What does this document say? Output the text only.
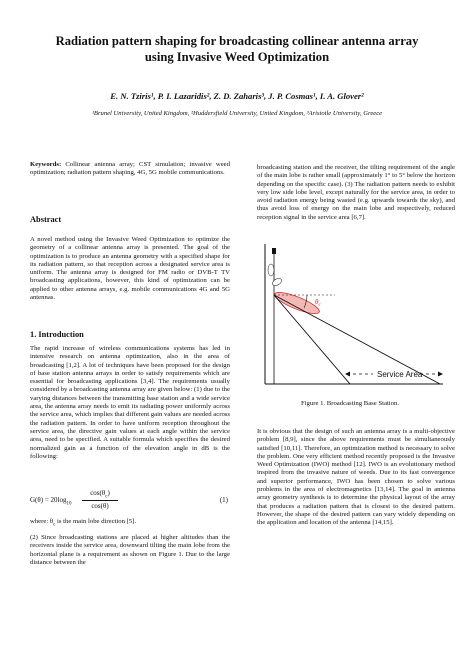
Radiation pattern shaping for broadcasting collinear antenna array
using Invasive Weed Optimization
E. N. Tziris¹, P. I. Lazaridis², Z. D. Zaharis³, J. P. Cosmas¹, I. A. Glover²
¹Brunel University, United Kingdom, ²Huddersfield University, United Kingdom, ³Aristotle University, Greece
Keywords: Collinear antenna array; CST simulation; invasive weed optimization; radiation pattern shaping, 4G, 5G mobile communications.
Abstract
A novel method using the Invasive Weed Optimization to optimize the geometry of a collinear antenna array is presented. The goal of the optimization is to produce an antenna geometry with a specified shape for its radiation pattern, so that reception across a designated service area is uniform. The antenna array is designed for FM radio or DVB-T TV broadcasting applications, however, this kind of optimization can be applied to other antenna arrays, e.g. mobile communications 4G and 5G antennas.
1. Introduction
The rapid increase of wireless communications systems has led in intensive research on antenna optimization, also in the area of broadcasting [1,2]. A lot of techniques have been proposed for the design of base station antenna arrays in order to satisfy requirements which are essential for broadcasting applications [3,4]. The requirements usually considered by a broadcasting antenna array are given below: (1) due to the varying distances between the transmitting base station and a wide service area, the antenna array needs to emit its radiating power uniformly across the service area, which implies that different gain values are needed across the radiation pattern. In order to have uniform reception throughout the service area, the directive gain values at each angle within the service area, need to be specified. A suitable formula which specifies the desired normalized gain as a function of the elevation angle in dB is the following:
$G(\theta) = 20\log_{10} \frac{\cos(\theta_c)}{\cos(\theta)}$	(1)
where: $\theta_c$ is the main lobe direction [5].
(2) Since broadcasting stations are placed at higher altitudes than the receivers inside the service area, downward tilting the main lobe from the horizontal plane is a requirement as shown on Figure 1. Due to the large distance between the
broadcasting station and the receiver, the tilting requirement of the angle of the main lobe is rather small (approximately 1° to 5° below the horizon depending on the specific case). (3) The radiation pattern needs to exhibit very low side lobe level, except naturally for the service area, in order to avoid radiation energy being wasted (e.g. upwards towards the sky), and thus avoid loss of energy on the main lobe and respectively, reduced reception signal in the service area [6,7].
$\theta_c$
Service Area
Figure 1. Broadcasting Base Station.
It is obvious that the design of such an antenna array is a multi-objective problem [8,9], since the above requirements must be simultaneously satisfied [10,11]. Therefore, an optimization method is necessary to solve the problem. One very efficient method recently proposed is the Invasive Weed Optimization (IWO) method [12]. IWO is an evolutionary method inspired from the invasive nature of weeds. Due to its fast convergence and superior performance, IWO has been chosen to solve various problems in the area of electromagnetics [13,14]. The goal in antenna array geometry synthesis is to determine the physical layout of the array that produces a radiation pattern that is closest to the desired pattern. However, the shape of the desired pattern can vary widely depending on the application and location of the antenna [14,15].
